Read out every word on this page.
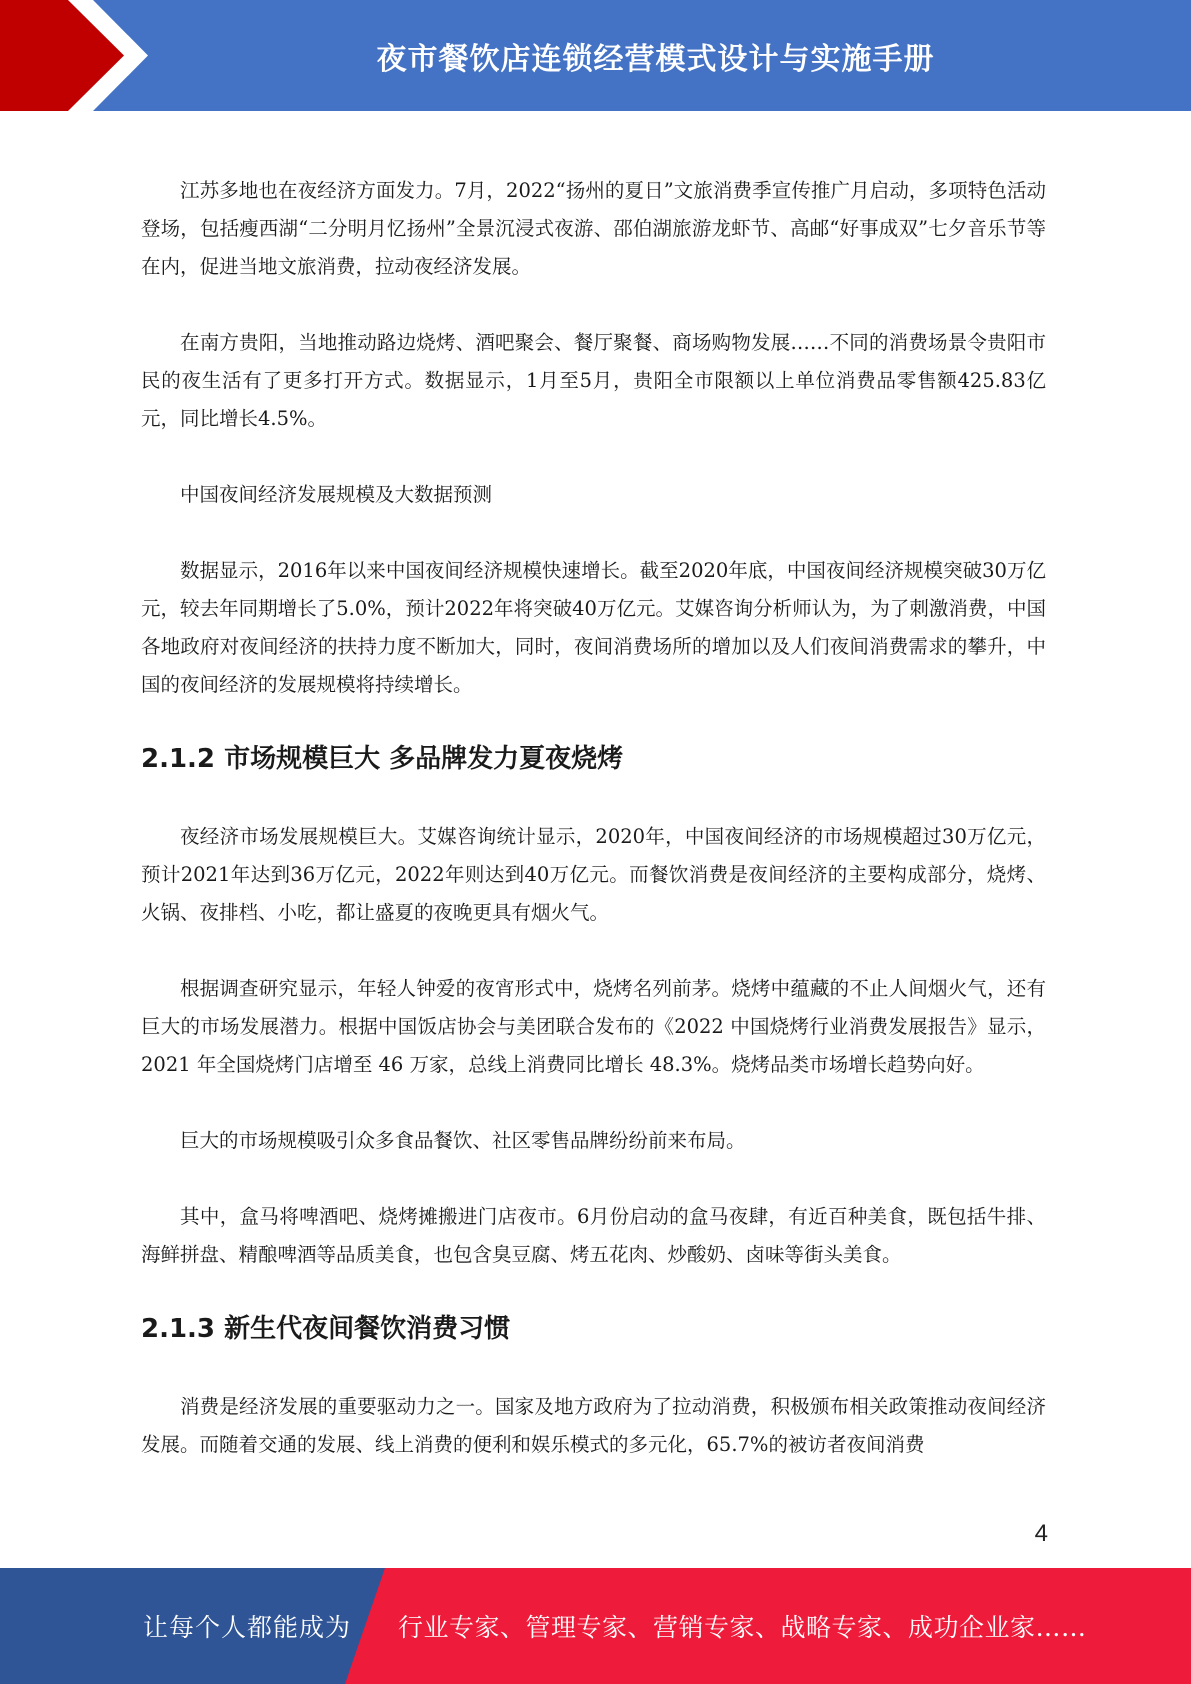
夜市餐饮店连锁经营模式设计与实施手册

江苏多地也在夜经济方面发力。7月，2022“扬州的夏日”文旅消费季宣传推广月启动，多项特色活动登场，包括瘦西湖“二分明月忆扬州”全景沉浸式夜游、邵伯湖旅游龙虾节、高邮“好事成双”七夕音乐节等在内，促进当地文旅消费，拉动夜经济发展。

在南方贵阳，当地推动路边烧烤、酒吧聚会、餐厅聚餐、商场购物发展……不同的消费场景令贵阳市民的夜生活有了更多打开方式。数据显示，1月至5月，贵阳全市限额以上单位消费品零售额425.83亿元，同比增长4.5%。

中国夜间经济发展规模及大数据预测

数据显示，2016年以来中国夜间经济规模快速增长。截至2020年底，中国夜间经济规模突破30万亿元，较去年同期增长了5.0%，预计2022年将突破40万亿元。艾媒咨询分析师认为，为了刺激消费，中国各地政府对夜间经济的扶持力度不断加大，同时，夜间消费场所的增加以及人们夜间消费需求的攀升，中国的夜间经济的发展规模将持续增长。

2.1.2 市场规模巨大 多品牌发力夏夜烧烤

夜经济市场发展规模巨大。艾媒咨询统计显示，2020年，中国夜间经济的市场规模超过30万亿元，预计2021年达到36万亿元，2022年则达到40万亿元。而餐饮消费是夜间经济的主要构成部分，烧烤、火锅、夜排档、小吃，都让盛夏的夜晚更具有烟火气。

根据调查研究显示，年轻人钟爱的夜宵形式中，烧烤名列前茅。烧烤中蕴藏的不止人间烟火气，还有巨大的市场发展潜力。根据中国饭店协会与美团联合发布的《2022 中国烧烤行业消费发展报告》显示，2021 年全国烧烤门店增至 46 万家，总线上消费同比增长 48.3%。烧烤品类市场增长趋势向好。

巨大的市场规模吸引众多食品餐饮、社区零售品牌纷纷前来布局。

其中，盒马将啤酒吧、烧烤摊搬进门店夜市。6月份启动的盒马夜肆，有近百种美食，既包括牛排、海鲜拼盘、精酿啤酒等品质美食，也包含臭豆腐、烤五花肉、炒酸奶、卤味等街头美食。

2.1.3 新生代夜间餐饮消费习惯

消费是经济发展的重要驱动力之一。国家及地方政府为了拉动消费，积极颁布相关政策推动夜间经济发展。而随着交通的发展、线上消费的便利和娱乐模式的多元化，65.7%的被访者夜间消费

4
让每个人都能成为 行业专家、管理专家、营销专家、战略专家、成功企业家……
